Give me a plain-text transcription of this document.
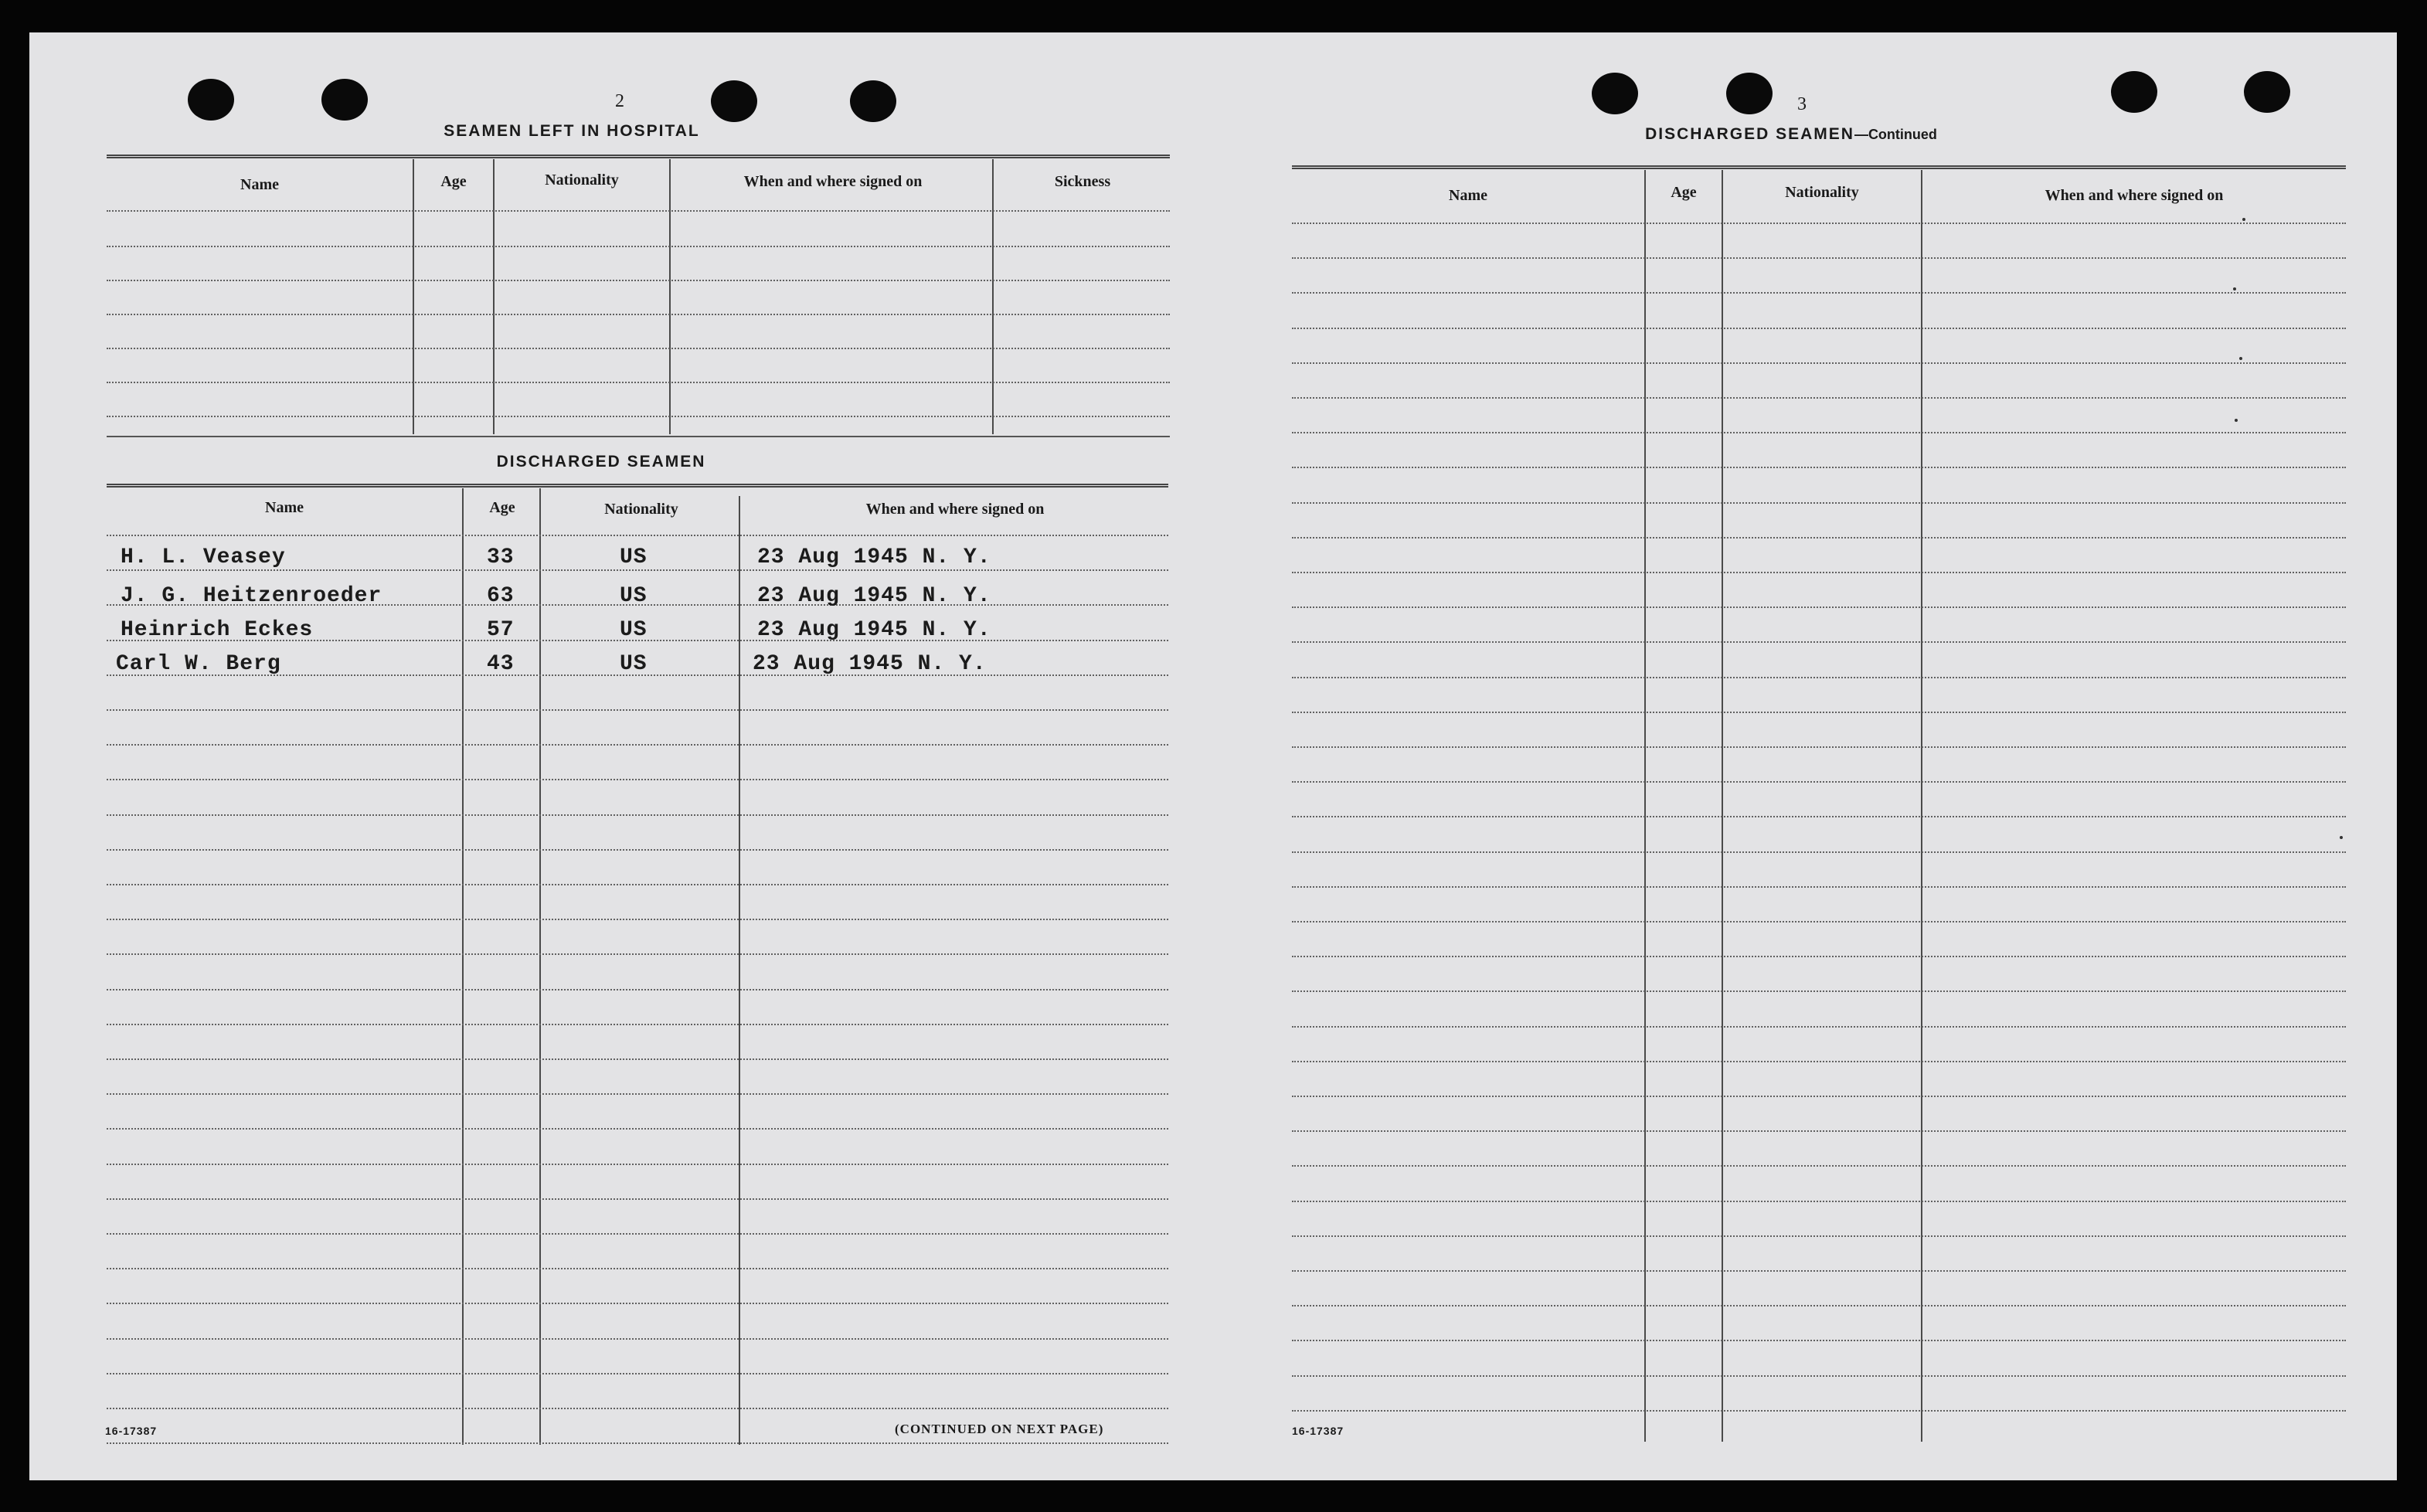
2
SEAMEN LEFT IN HOSPITAL
Name	Age	Nationality	When and where signed on	Sickness
DISCHARGED SEAMEN
Name	Age	Nationality	When and where signed on
H. L. Veasey	33	US	23 Aug 1945 N. Y.
J. G. Heitzenroeder	63	US	23 Aug 1945 N. Y.
Heinrich Eckes	57	US	23 Aug 1945 N. Y.
Carl W. Berg	43	US	23 Aug 1945 N. Y.
16-17387	(CONTINUED ON NEXT PAGE)
3
DISCHARGED SEAMEN—Continued
Name	Age	Nationality	When and where signed on
16-17387
